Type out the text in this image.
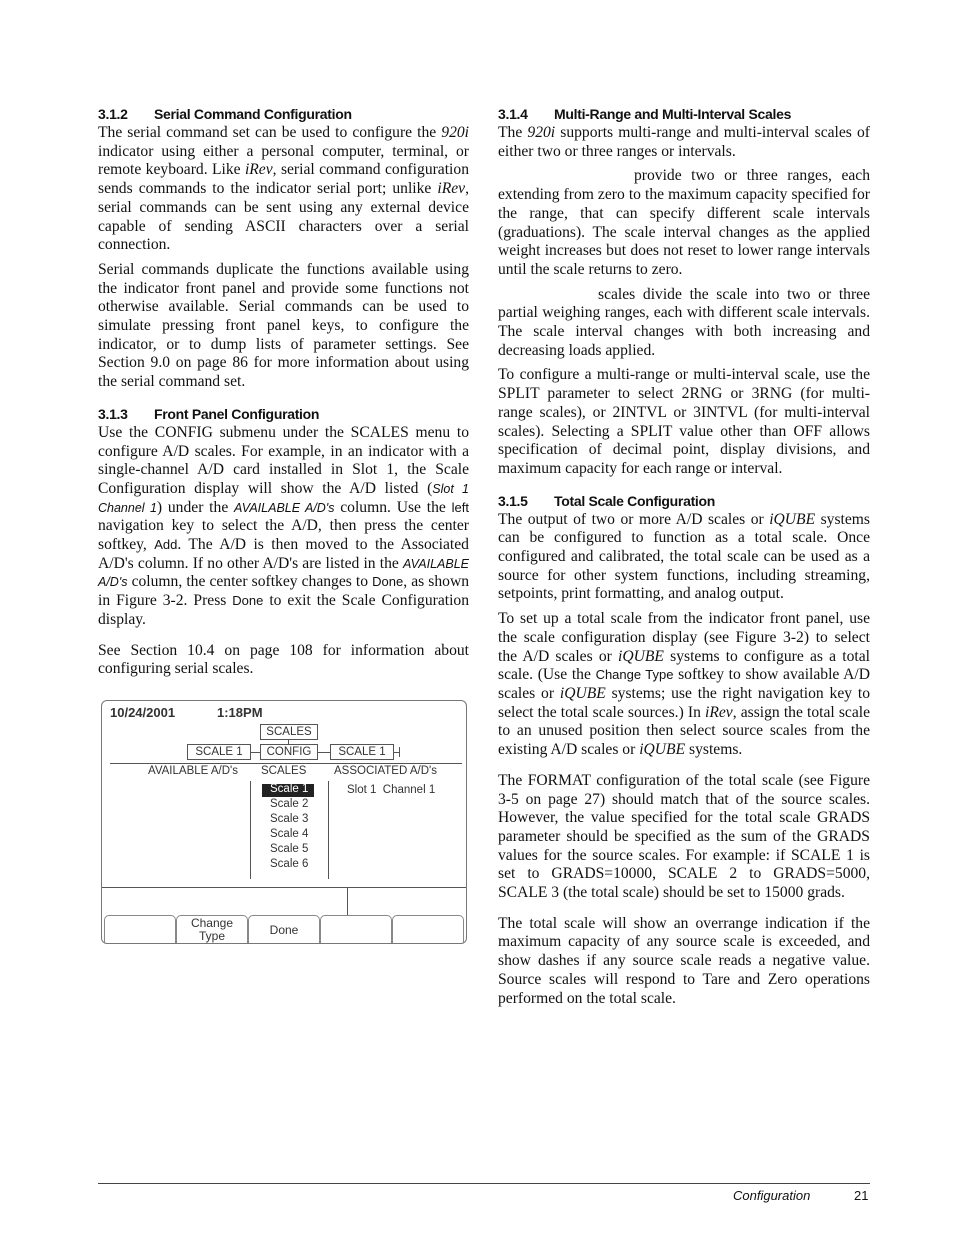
3.1.2 Serial Command Configuration

The serial command set can be used to configure the 920i indicator using either a personal computer, terminal, or remote keyboard. Like iRev, serial command configuration sends commands to the indicator serial port; unlike iRev, serial commands can be sent using any external device capable of sending ASCII characters over a serial connection.

Serial commands duplicate the functions available using the indicator front panel and provide some functions not otherwise available. Serial commands can be used to simulate pressing front panel keys, to configure the indicator, or to dump lists of parameter settings. See Section 9.0 on page 86 for more information about using the serial command set.

3.1.3 Front Panel Configuration

Use the CONFIG submenu under the SCALES menu to configure A/D scales. For example, in an indicator with a single-channel A/D card installed in Slot 1, the Scale Configuration display will show the A/D listed (Slot 1 Channel 1) under the AVAILABLE A/D's column. Use the left navigation key to select the A/D, then press the center softkey, Add. The A/D is then moved to the Associated A/D's column. If no other A/D's are listed in the AVAILABLE A/D's column, the center softkey changes to Done, as shown in Figure 3-2. Press Done to exit the Scale Configuration display.

See Section 10.4 on page 108 for information about configuring serial scales.

10/24/2001	1:18PM
SCALES
SCALE 1	CONFIG	SCALE 1
AVAILABLE A/D's SCALES ASSOCIATED A/D's
Scale 1
Scale 2
Scale 3
Scale 4
Scale 5
Scale 6
Slot 1  Channel 1
Change
Type	Done
3.1.4 Multi-Range and Multi-Interval Scales

The 920i supports multi-range and multi-interval scales of either two or three ranges or intervals.

provide two or three ranges, each extending from zero to the maximum capacity specified for the range, that can specify different scale intervals (graduations). The scale interval changes as the applied weight increases but does not reset to lower range intervals until the scale returns to zero.

scales divide the scale into two or three partial weighing ranges, each with different scale intervals. The scale interval changes with both increasing and decreasing loads applied.

To configure a multi-range or multi-interval scale, use the SPLIT parameter to select 2RNG or 3RNG (for multi-range scales), or 2INTVL or 3INTVL (for multi-interval scales). Selecting a SPLIT value other than OFF allows specification of decimal point, display divisions, and maximum capacity for each range or interval.

3.1.5 Total Scale Configuration

The output of two or more A/D scales or iQUBE systems can be configured to function as a total scale. Once configured and calibrated, the total scale can be used as a source for other system functions, including streaming, setpoints, print formatting, and analog output.

To set up a total scale from the indicator front panel, use the scale configuration display (see Figure 3-2) to select the A/D scales or iQUBE systems to configure as a total scale. (Use the Change Type softkey to show available A/D scales or iQUBE systems; use the right navigation key to select the total scale sources.) In iRev, assign the total scale to an unused position then select source scales from the existing A/D scales or iQUBE systems.

The FORMAT configuration of the total scale (see Figure 3-5 on page 27) should match that of the source scales. However, the value specified for the total scale GRADS parameter should be specified as the sum of the GRADS values for the source scales. For example: if SCALE 1 is set to GRADS=10000, SCALE 2 to GRADS=5000, SCALE 3 (the total scale) should be set to 15000 grads.

The total scale will show an overrange indication if the maximum capacity of any source scale is exceeded, and show dashes if any source scale reads a negative value. Source scales will respond to Tare and Zero operations performed on the total scale.

Configuration	21
